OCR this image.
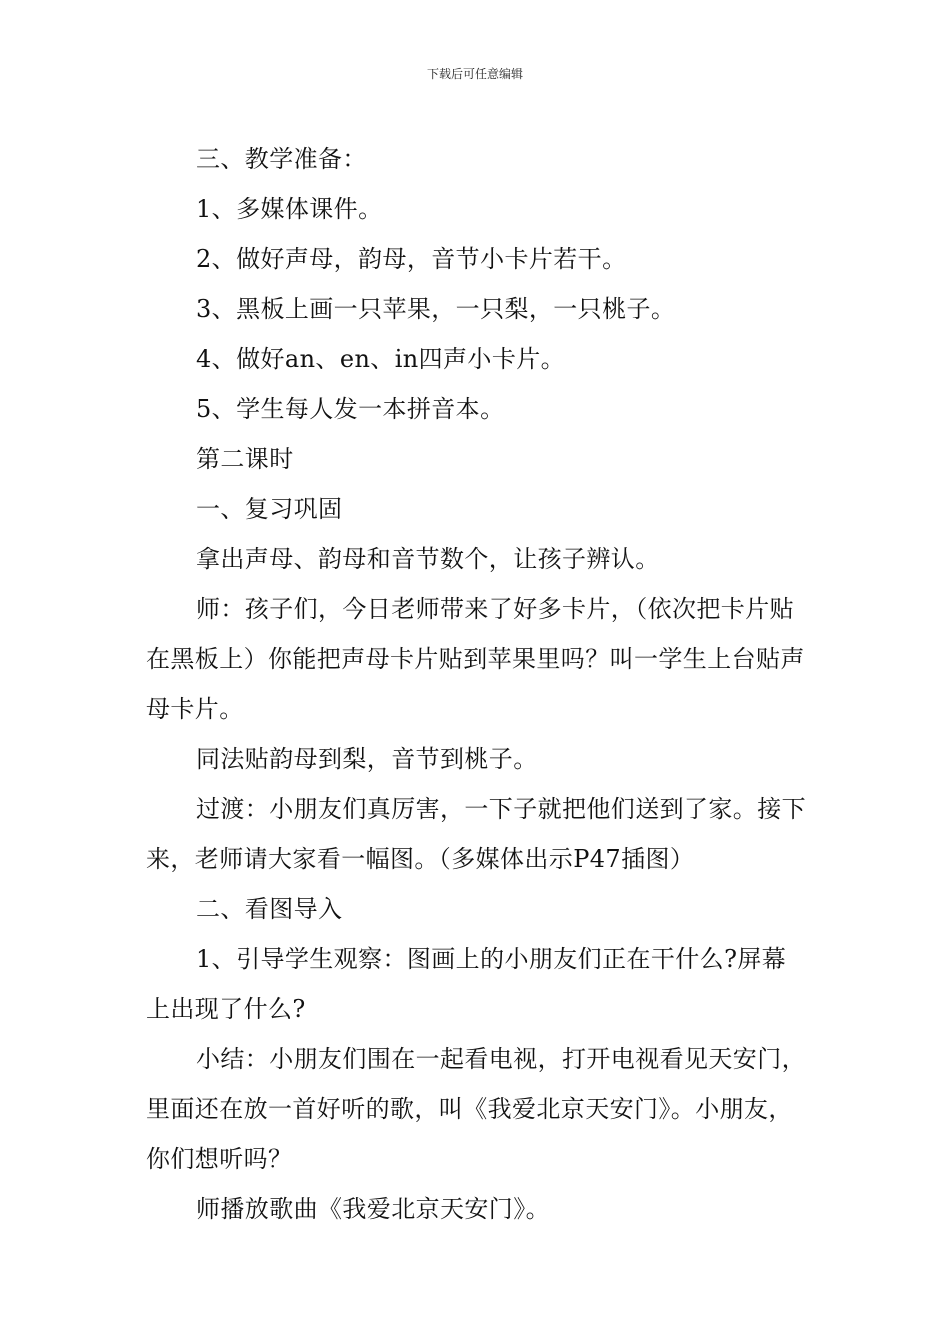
下载后可任意编辑

三、教学准备：

1、多媒体课件。

2、做好声母，韵母，音节小卡片若干。

3、黑板上画一只苹果，一只梨，一只桃子。

4、做好an、en、in四声小卡片。

5、学生每人发一本拼音本。

第二课时

一、复习巩固

拿出声母、韵母和音节数个，让孩子辨认。

师：孩子们，今日老师带来了好多卡片，（依次把卡片贴在黑板上）你能把声母卡片贴到苹果里吗？叫一学生上台贴声母卡片。

同法贴韵母到梨，音节到桃子。

过渡：小朋友们真厉害，一下子就把他们送到了家。接下来，老师请大家看一幅图。（多媒体出示P47插图）

二、看图导入

1、引导学生观察：图画上的小朋友们正在干什么?屏幕上出现了什么?

小结：小朋友们围在一起看电视，打开电视看见天安门，里面还在放一首好听的歌，叫《我爱北京天安门》。小朋友，你们想听吗？

师播放歌曲《我爱北京天安门》。
